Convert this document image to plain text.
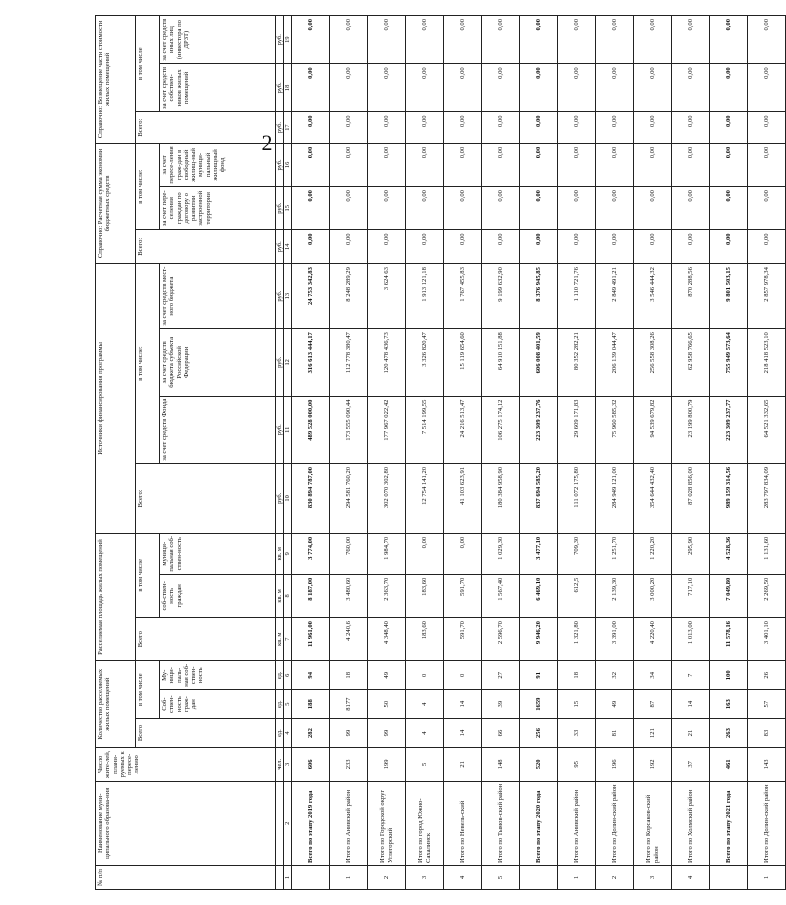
2
№ п/п	Наименование муни-ципального образова-ния	Число жите-лей, плани-руемых к пересе-лению	Количество расселяемых жилых помещений			Расселяемая площадь жилых помещений			Источники финансирования программы				Справочно: Расчетная сумма экономии бюджетных средств			Справочно: Возмещение части стоимости жилых помещений		
			Всего	в том числе		Всего	в том числе		Всего:	в том числе:			Всего:	в том числе:		Всего:	в том числе	
				Соб-ствен-ность граж-дан	Му-ници-паль-ная соб-ствен-ность		соб-ствен-ность граждан	муници-пальная соб-ствен-ность		за счет средств Фонда	за счет средств бюджета субъекта Российской Федерации	за счет средств мест-ного бюджета		за счет пере-селения граждан по договору о развитии застроенной территории	за счет пересе-ления граж-дан в свободный жилищ-ный муници-пальный жилищный фонд		за счет средств собствен-ников жилых помещений	за счет средств иных лиц (инвестора по ДРЗТ)
		чел.	ед.	ед.	ед.	кв. м	кв. м	кв. м	руб.	руб.	руб.	руб.	руб.	руб.	руб.	руб.	руб.	руб.
1	2	3	4	5	6	7	8	9	10	11	12	13	14	15	16	17	18	19
	Всего по этапу 2019 года	606	282	188	94	11 961,00	8 187,00	3 774,00	830 894 787,00	489 528 000,00	316 613 444,17	24 753 342,83	0,00	0,00	0,00	0,00	0,00	0,00
1	Итого по Анивский район	233	99	8177	18	4 240,6	3 480,60	760,00	294 581 760,20	173 555 090,44	112 778 380,47	8 248 289,29	0,00	0,00	0,00	0,00	0,00	0,00
2	Итого по Городской округ Углегорский	199	99	50	49	4 348,40	2 363,70	1 984,70	302 070 302,80	177 967 022,42	120 478 436,73	3 624 63	0,00	0,00	0,00	0,00	0,00	0,00
3	Итого по город Южно-Сахалинск	5	4	4	0	183,60	183,60	0,00	12 754 141,20	7 514 199,55	3 326 820,47	1 913 121,18	0,00	0,00	0,00	0,00	0,00	0,00
4	Итого по Невель-ский	21	14	14	0	591,70	591,70	0,00	41 103 623,91	24 216 513,47	15 119 654,60	1 767 455,83	0,00	0,00	0,00	0,00	0,00	0,00
5	Итого по Тымов-ский район	148	66	39	27	2 596,70	1 567,40	1 029,30	180 384 958,90	106 275 174,12	64 910 151,88	9 199 632,90	0,00	0,00	0,00	0,00	0,00	0,00
	Всего по этапу 2020 года	520	256	1659	91	9 946,20	6 469,10	3 477,10	837 694 585,20	223 309 237,76	606 008 401,59	8 376 945,85	0,00	0,00	0,00	0,00	0,00	0,00
1	Итого по Анивский район	95	33	15	18	1 321,80	612,5	709,30	111 072 175,80	29 609 171,83	80 352 282,21	1 110 721,76	0,00	0,00	0,00	0,00	0,00	0,00
2	Итого по Долин-ский район	196	81	49	32	3 391,00	2 139,30	1 251,70	284 949 121,00	75 960 585,32	206 139 044,47	2 849 491,21	0,00	0,00	0,00	0,00	0,00	0,00
3	Итого по Корсаков-ский район	192	121	87	34	4 220,40	3 000,20	1 220,20	354 644 432,40	94 539 679,82	256 558 308,26	3 546 444,32	0,00	0,00	0,00	0,00	0,00	0,00
4	Итого по Холмский район	37	21	14	7	1 013,00	717,10	295,90	87 028 856,00	23 199 800,79	62 958 766,65	870 288,56	0,00	0,00	0,00	0,00	0,00	0,00
	Всего по этапу 2021 года	461	263	163	100	11 578,16	7 049,80	4 528,36	989 159 314,56	223 309 237,77	755 949 573,64	9 801 503,15	0,00	0,00	0,00	0,00	0,00	0,00
1	Итого по Долин-ский район	143	83	57	26	3 401,10	2 269,50	1 131,60	283 797 834,09	64 521 332,65	218 418 523,10	2 857 978,34	0,00	0,00	0,00	0,00	0,00	0,00
